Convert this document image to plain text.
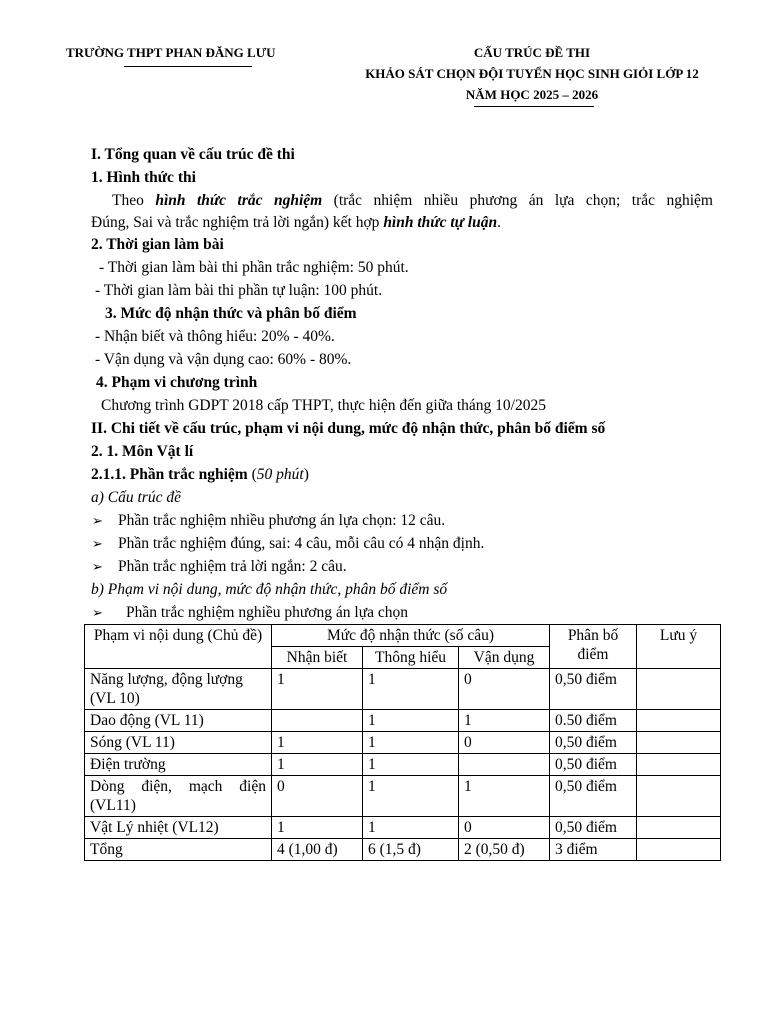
TRƯỜNG THPT PHAN ĐĂNG LƯU	CẤU TRÚC ĐỀ THI
KHẢO SÁT CHỌN ĐỘI TUYỂN HỌC SINH GIỎI LỚP 12
NĂM HỌC 2025 – 2026
I. Tổng quan về cấu trúc đề thi
1. Hình thức thi
Theo hình thức trắc nghiệm (trắc nhiệm nhiều phương án lựa chọn; trắc nghiệm
Đúng, Sai và trắc nghiệm trả lời ngắn) kết hợp hình thức tự luận.
2. Thời gian làm bài
- Thời gian làm bài thi phần trắc nghiệm: 50 phút.
- Thời gian làm bài thi phần tự luận: 100 phút.
3. Mức độ nhận thức và phân bố điểm
- Nhận biết và thông hiểu: 20% - 40%.
- Vận dụng và vận dụng cao: 60% - 80%.
4. Phạm vi chương trình
Chương trình GDPT 2018 cấp THPT, thực hiện đến giữa tháng 10/2025
II. Chi tiết về cấu trúc, phạm vi nội dung, mức độ nhận thức, phân bố điểm số
2. 1. Môn Vật lí
2.1.1. Phần trắc nghiệm (50 phút)
a) Cấu trúc đề
➢ Phần trắc nghiệm nhiều phương án lựa chọn: 12 câu.
➢ Phần trắc nghiệm đúng, sai: 4 câu, mỗi câu có 4 nhận định.
➢ Phần trắc nghiệm trả lời ngắn: 2 câu.
b) Phạm vi nội dung, mức độ nhận thức, phân bố điểm số
➢ Phần trắc nghiệm nghiều phương án lựa chọn
Phạm vi nội dung (Chủ đề)	Mức độ nhận thức (số câu)			Phân bố điểm	Lưu ý
	Nhận biết	Thông hiểu	Vận dụng		
Năng lượng, động lượng (VL 10)	1	1	0	0,50 điểm	
Dao động (VL 11)		1	1	0.50 điểm	
Sóng (VL 11)	1	1	0	0,50 điểm	
Điện trường	1	1		0,50 điểm	
Dòng điện, mạch điện (VL11)	0	1	1	0,50 điểm	
Vật Lý nhiệt (VL12)	1	1	0	0,50 điểm	
Tổng	4 (1,00 đ)	6 (1,5 đ)	2 (0,50 đ)	3 điểm	
